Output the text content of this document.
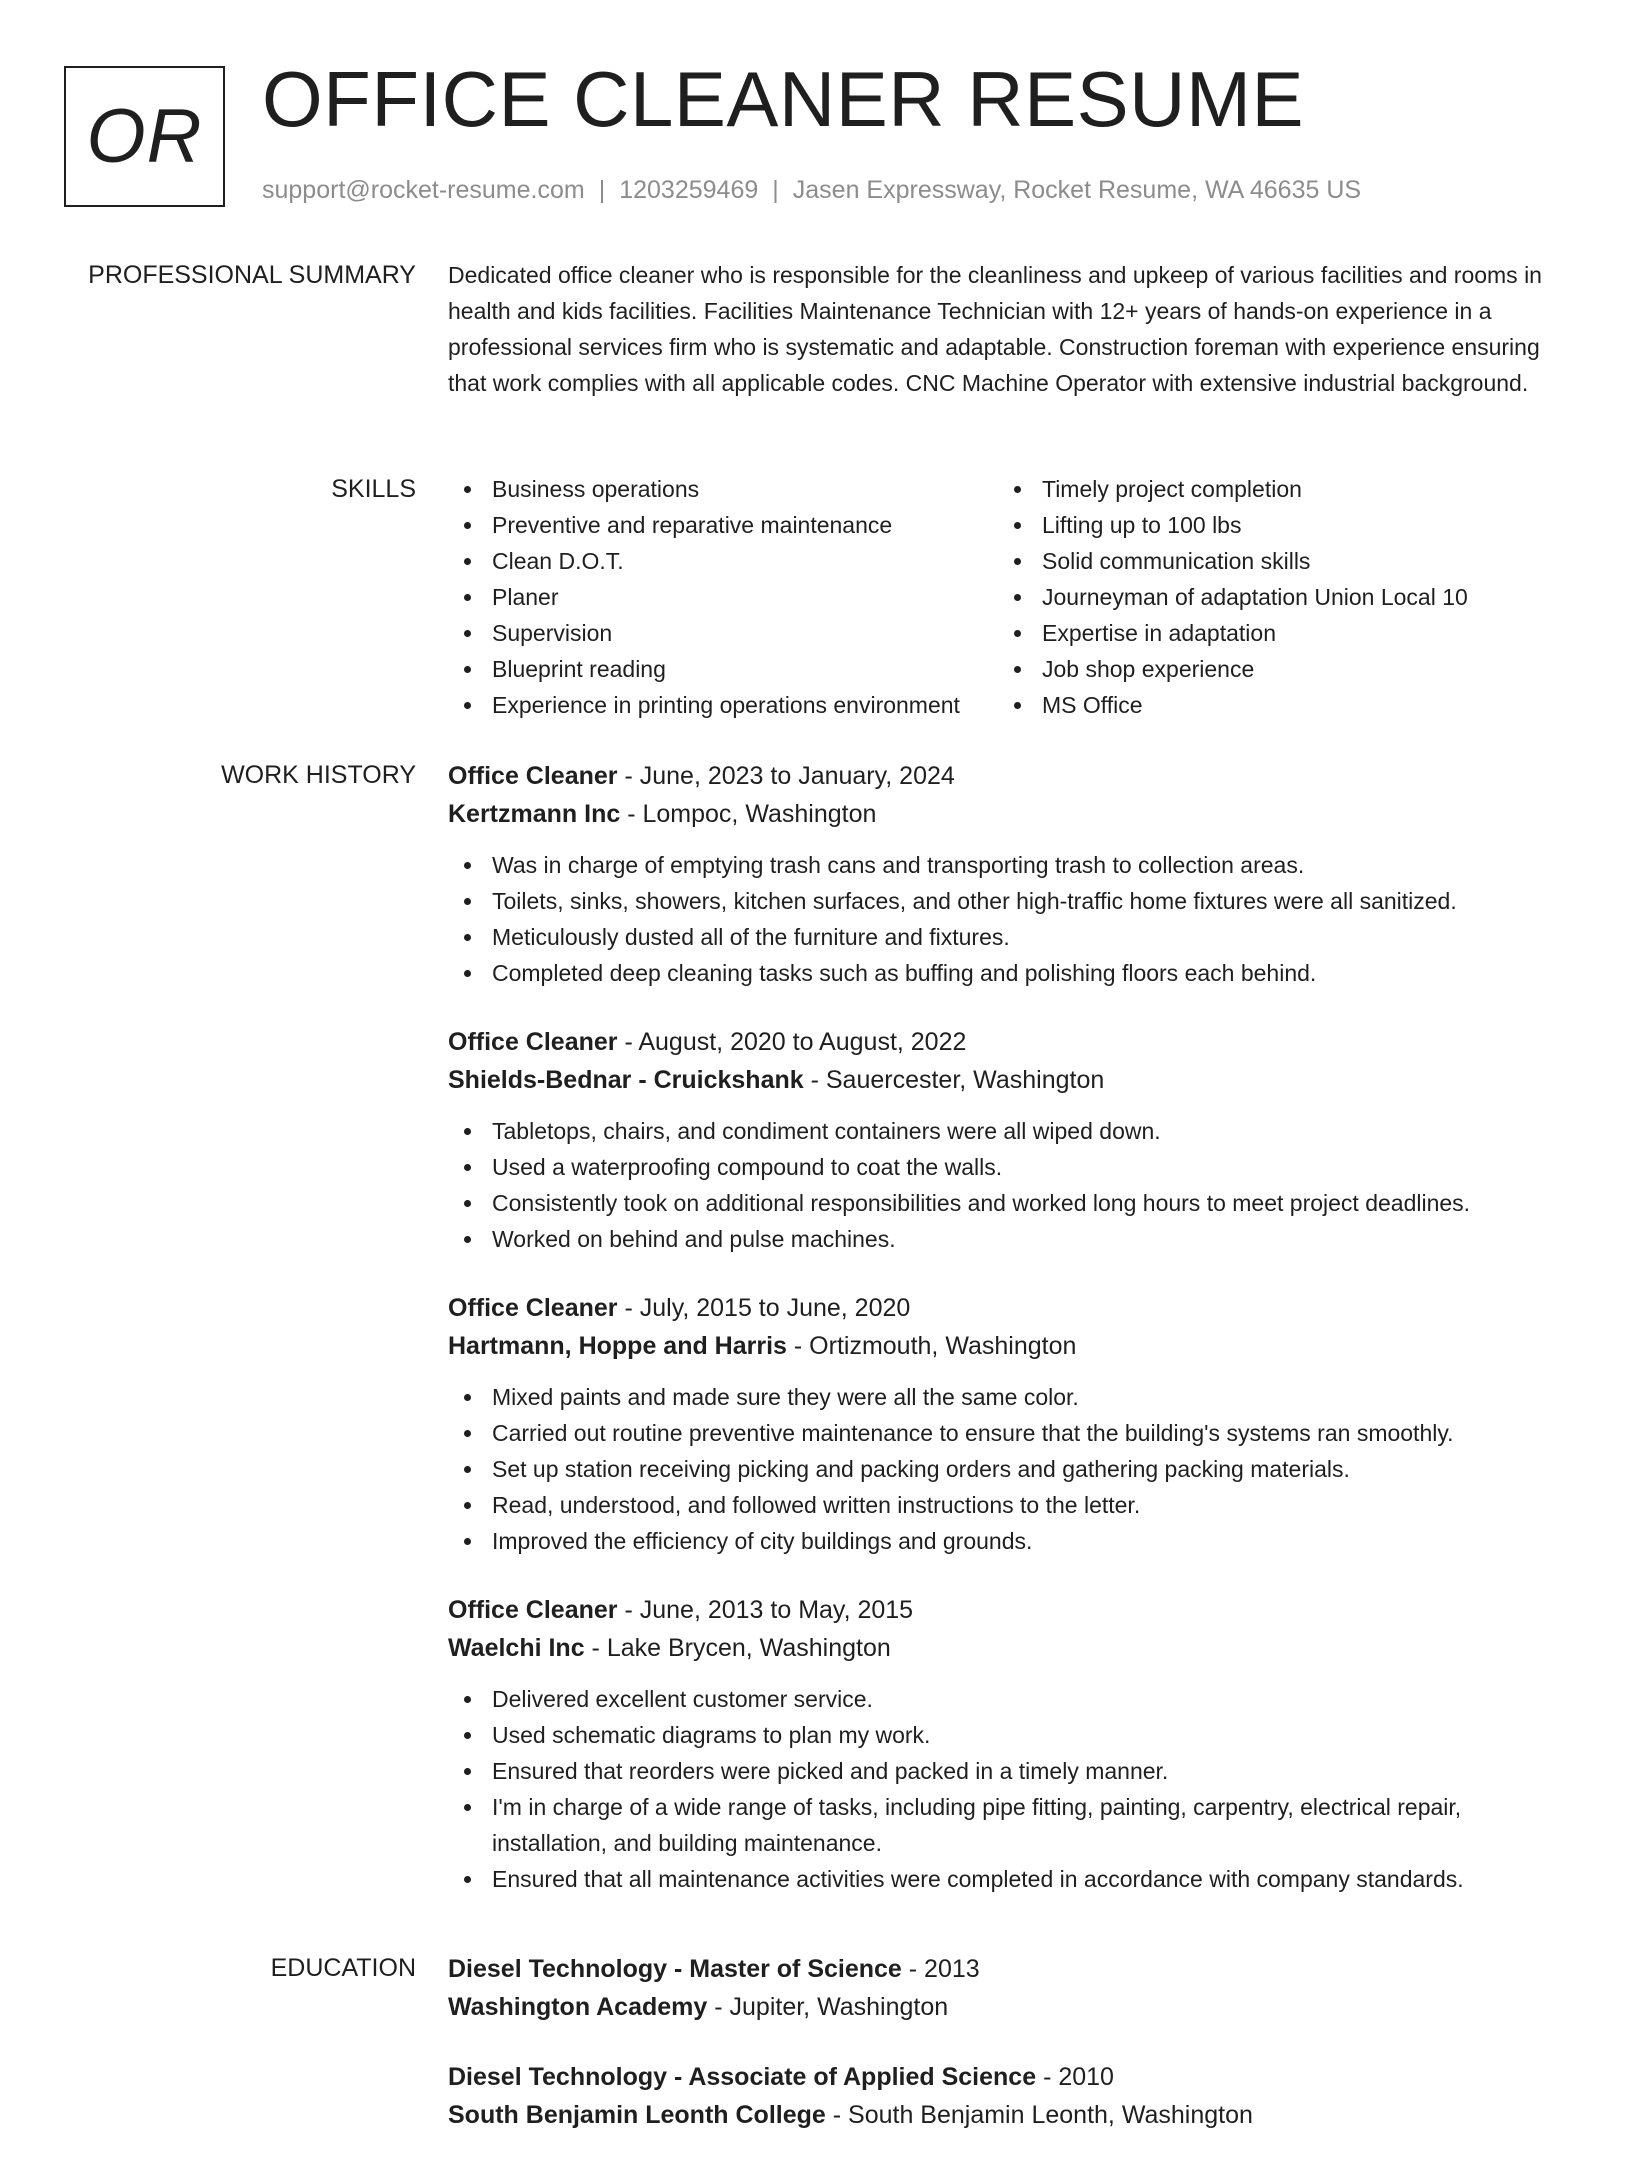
OR OFFICE CLEANER RESUME
support@rocket-resume.com | 1203259469 | Jasen Expressway, Rocket Resume, WA 46635 US
PROFESSIONAL SUMMARY Dedicated office cleaner who is responsible for the cleanliness and upkeep of various facilities and rooms in health and kids facilities. Facilities Maintenance Technician with 12+ years of hands-on experience in a professional services firm who is systematic and adaptable. Construction foreman with experience ensuring that work complies with all applicable codes. CNC Machine Operator with extensive industrial background.

SKILLS	Business operations
Preventive and reparative maintenance
Clean D.O.T.
Planer
Supervision
Blueprint reading
Experience in printing operations environment
Timely project completion
Lifting up to 100 lbs
Solid communication skills
Journeyman of adaptation Union Local 10
Expertise in adaptation
Job shop experience
MS Office
WORK HISTORY Office Cleaner - June, 2023 to January, 2024
Kertzmann Inc - Lompoc, Washington
Was in charge of emptying trash cans and transporting trash to collection areas.
Toilets, sinks, showers, kitchen surfaces, and other high-traffic home fixtures were all sanitized.
Meticulously dusted all of the furniture and fixtures.
Completed deep cleaning tasks such as buffing and polishing floors each behind.
Office Cleaner - August, 2020 to August, 2022
Shields-Bednar - Cruickshank - Sauercester, Washington
Tabletops, chairs, and condiment containers were all wiped down.
Used a waterproofing compound to coat the walls.
Consistently took on additional responsibilities and worked long hours to meet project deadlines.
Worked on behind and pulse machines.
Office Cleaner - July, 2015 to June, 2020
Hartmann, Hoppe and Harris - Ortizmouth, Washington
Mixed paints and made sure they were all the same color.
Carried out routine preventive maintenance to ensure that the building's systems ran smoothly.
Set up station receiving picking and packing orders and gathering packing materials.
Read, understood, and followed written instructions to the letter.
Improved the efficiency of city buildings and grounds.
Office Cleaner - June, 2013 to May, 2015
Waelchi Inc - Lake Brycen, Washington
Delivered excellent customer service.
Used schematic diagrams to plan my work.
Ensured that reorders were picked and packed in a timely manner.
I'm in charge of a wide range of tasks, including pipe fitting, painting, carpentry, electrical repair, installation, and building maintenance.
Ensured that all maintenance activities were completed in accordance with company standards.
EDUCATION Diesel Technology - Master of Science - 2013
Washington Academy - Jupiter, Washington
Diesel Technology - Associate of Applied Science - 2010
South Benjamin Leonth College - South Benjamin Leonth, Washington
